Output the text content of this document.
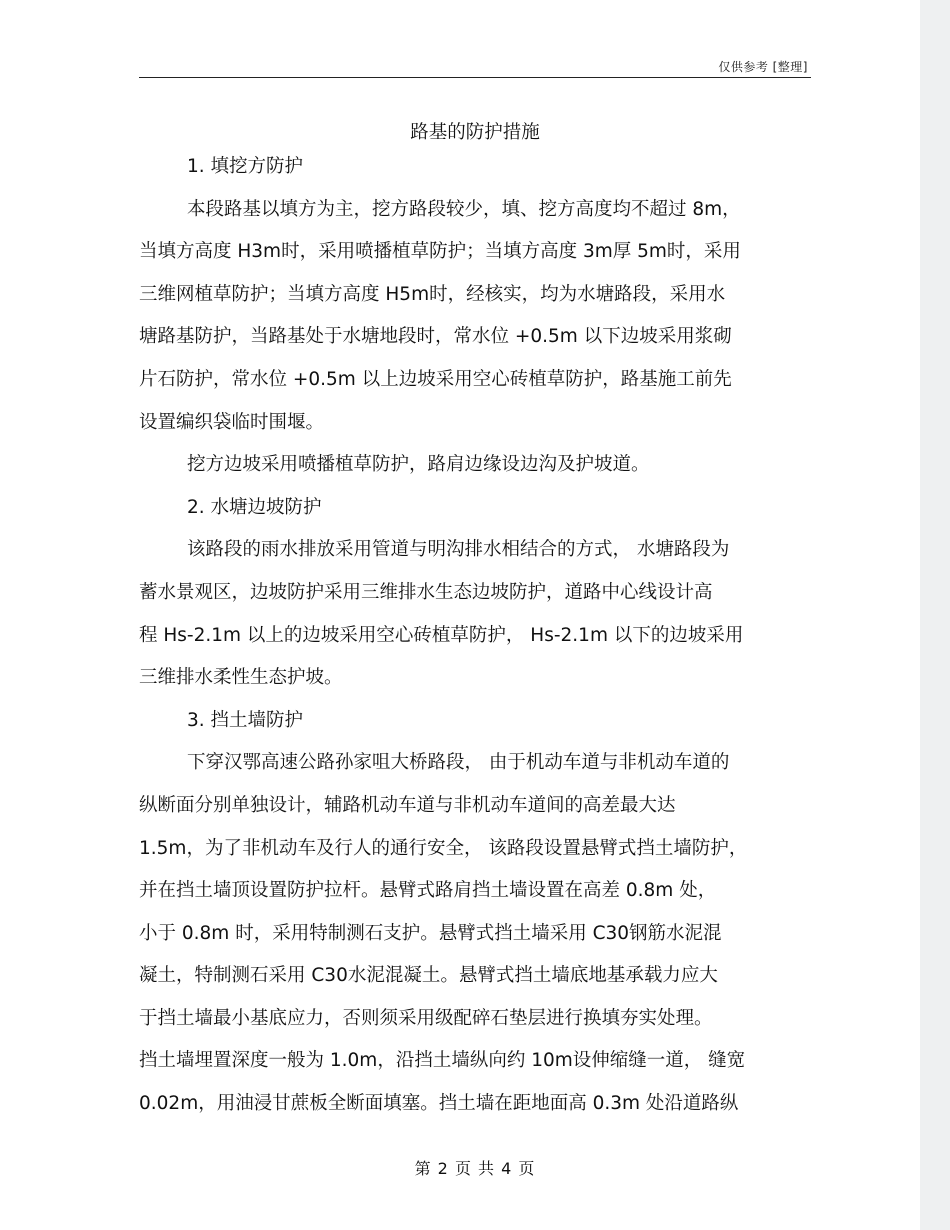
仅供参考 [整理]
路基的防护措施

1. 填挖方防护

本段路基以填方为主，挖方路段较少，填、挖方高度均不超过 8m，

当填方高度 H3m时，采用喷播植草防护；当填方高度 3m厚 5m时，采用

三维网植草防护；当填方高度 H5m时，经核实，均为水塘路段，采用水

塘路基防护，当路基处于水塘地段时，常水位 +0.5m 以下边坡采用浆砌

片石防护，常水位 +0.5m 以上边坡采用空心砖植草防护，路基施工前先

设置编织袋临时围堰。

挖方边坡采用喷播植草防护，路肩边缘设边沟及护坡道。

2. 水塘边坡防护

该路段的雨水排放采用管道与明沟排水相结合的方式， 水塘路段为

蓄水景观区，边坡防护采用三维排水生态边坡防护，道路中心线设计高

程 Hs-2.1m 以上的边坡采用空心砖植草防护， Hs-2.1m 以下的边坡采用

三维排水柔性生态护坡。

3. 挡土墙防护

下穿汉鄂高速公路孙家咀大桥路段， 由于机动车道与非机动车道的

纵断面分别单独设计，辅路机动车道与非机动车道间的高差最大达

1.5m，为了非机动车及行人的通行安全， 该路段设置悬臂式挡土墙防护，

并在挡土墙顶设置防护拉杆。悬臂式路肩挡土墙设置在高差 0.8m 处，

小于 0.8m 时，采用特制测石支护。悬臂式挡土墙采用 C30钢筋水泥混

凝土，特制测石采用 C30水泥混凝土。悬臂式挡土墙底地基承载力应大

于挡土墙最小基底应力，否则须采用级配碎石垫层进行换填夯实处理。

挡土墙埋置深度一般为 1.0m，沿挡土墙纵向约 10m设伸缩缝一道， 缝宽

0.02m，用油浸甘蔗板全断面填塞。挡土墙在距地面高 0.3m 处沿道路纵

第 2 页 共 4 页
